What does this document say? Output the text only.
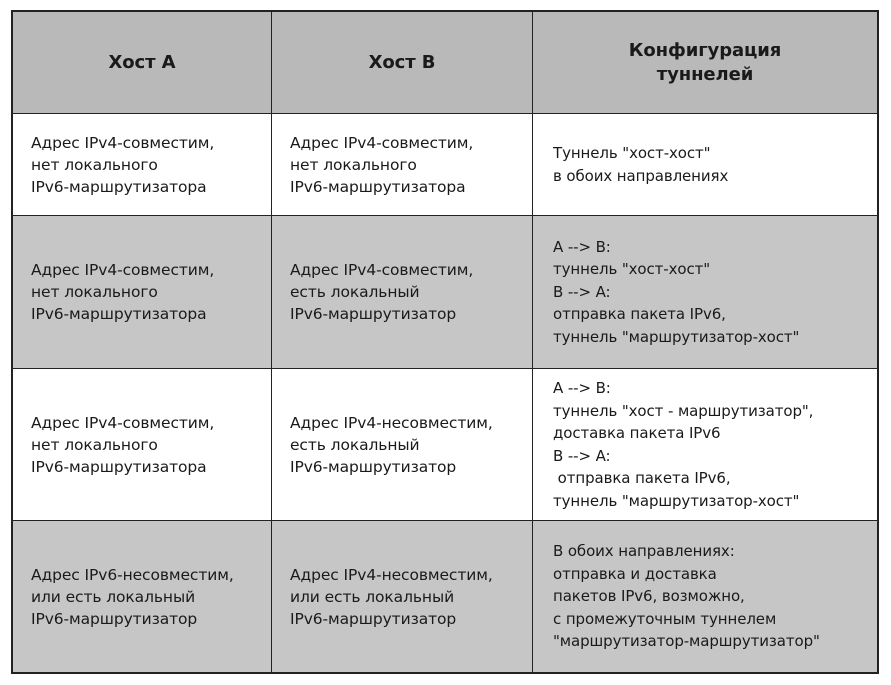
Хост А	Хост В
Конфигурация
туннелей
Адрес IPv4-совместим,
нет локального
IPv6-маршрутизатора
Адрес IPv4-совместим,
нет локального
IPv6-маршрутизатора
Туннель "хост-хост"
в обоих направлениях
Адрес IPv4-совместим,
нет локального
IPv6-маршрутизатора
Адрес IPv4-совместим,
есть локальный
IPv6-маршрутизатор
A --> B:
туннель "хост-хост"
B --> A:
отправка пакета IPv6,
туннель "маршрутизатор-хост"
Адрес IPv4-совместим,
нет локального
IPv6-маршрутизатора
Адрес IPv4-несовместим,
есть локальный
IPv6-маршрутизатор
A --> B:
туннель "хост - маршрутизатор",
доставка пакета IPv6
B --> A:
отправка пакета IPv6,
туннель "маршрутизатор-хост"
Адрес IPv6-несовместим,
или есть локальный
IPv6-маршрутизатор
Адрес IPv4-несовместим,
или есть локальный
IPv6-маршрутизатор
В обоих направлениях:
отправка и доставка
пакетов IPv6, возможно,
с промежуточным туннелем
"маршрутизатор-маршрутизатор"
